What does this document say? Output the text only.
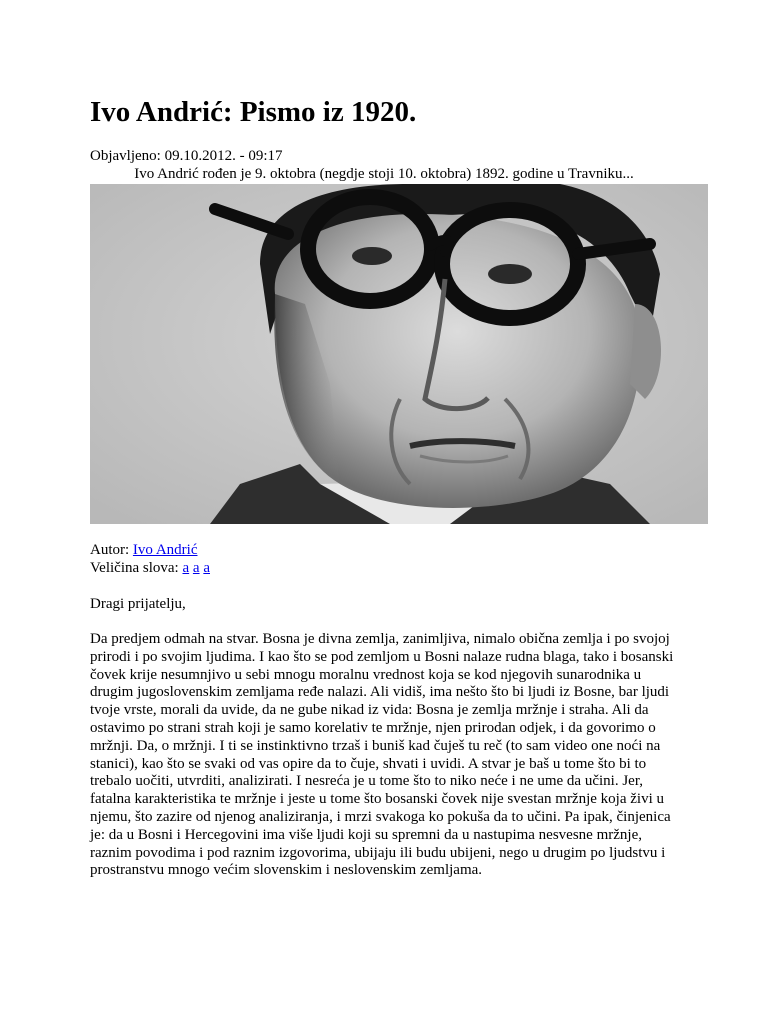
Ivo Andrić: Pismo iz 1920.
Objavljeno: 09.10.2012. - 09:17
Ivo Andrić rođen je 9. oktobra (negdje stoji 10. oktobra) 1892. godine u Travniku...
Autor: Ivo Andrić
Veličina slova: a a a
Dragi prijatelju,
Da predjem odmah na stvar. Bosna je divna zemlja, zanimljiva, nimalo obična zemlja i po svojoj
prirodi i po svojim ljudima. I kao što se pod zemljom u Bosni nalaze rudna blaga, tako i bosanski
čovek krije nesumnjivo u sebi mnogu moralnu vrednost koja se kod njegovih sunarodnika u
drugim jugoslovenskim zemljama ređe nalazi. Ali vidiš, ima nešto što bi ljudi iz Bosne, bar ljudi
tvoje vrste, morali da uvide, da ne gube nikad iz vida: Bosna je zemlja mržnje i straha. Ali da
ostavimo po strani strah koji je samo korelativ te mržnje, njen prirodan odjek, i da govorimo o
mržnji. Da, o mržnji. I ti se instinktivno trzaš i buniš kad čuješ tu reč (to sam video one noći na
stanici), kao što se svaki od vas opire da to čuje, shvati i uvidi. A stvar je baš u tome što bi to
trebalo uočiti, utvrditi, analizirati. I nesreća je u tome što to niko neće i ne ume da učini. Jer,
fatalna karakteristika te mržnje i jeste u tome što bosanski čovek nije svestan mržnje koja živi u
njemu, što zazire od njenog analiziranja, i mrzi svakoga ko pokuša da to učini. Pa ipak, činjenica
je: da u Bosni i Hercegovini ima više ljudi koji su spremni da u nastupima nesvesne mržnje,
raznim povodima i pod raznim izgovorima, ubijaju ili budu ubijeni, nego u drugim po ljudstvu i
prostranstvu mnogo većim slovenskim i neslovenskim zemljama.
